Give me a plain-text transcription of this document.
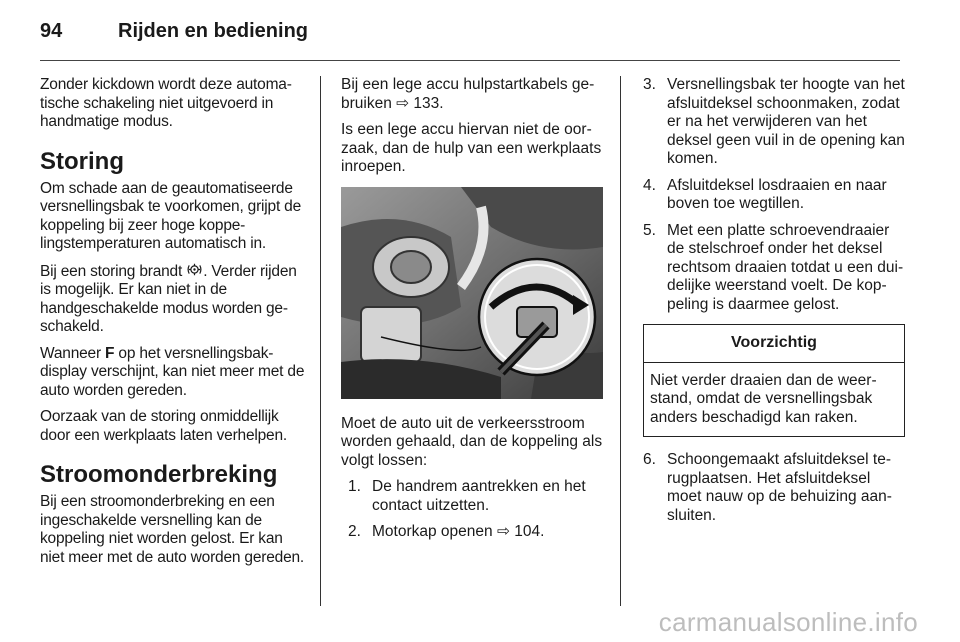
94	Rijden en bediening

Zonder kickdown wordt deze automatische schakeling niet uitgevoerd in handmatige modus.

Storing

Om schade aan de geautomatiseerde versnellingsbak te voorkomen, grijpt de koppeling bij zeer hoge koppelingstemperaturen automatisch in.

Bij een storing brandt . Verder rijden is mogelijk. Er kan niet in de handgeschakelde modus worden geschakeld.

Wanneer F op het versnellingsbakdisplay verschijnt, kan niet meer met de auto worden gereden.

Oorzaak van de storing onmiddellijk door een werkplaats laten verhelpen.

Stroomonderbreking

Bij een stroomonderbreking en een ingeschakelde versnelling kan de koppeling niet worden gelost. Er kan niet meer met de auto worden gereden.

Bij een lege accu hulpstartkabels gebruiken ⇨ 133.

Is een lege accu hiervan niet de oorzaak, dan de hulp van een werkplaats inroepen.

Moet de auto uit de verkeersstroom worden gehaald, dan de koppeling als volgt lossen:

1. De handrem aantrekken en het contact uitzetten.
2. Motorkap openen ⇨ 104.
3. Versnellingsbak ter hoogte van het afsluitdeksel schoonmaken, zodat er na het verwijderen van het deksel geen vuil in de opening kan komen.
4. Afsluitdeksel losdraaien en naar boven toe wegtillen.
5. Met een platte schroevendraaier de stelschroef onder het deksel rechtsom draaien totdat u een duidelijke weerstand voelt. De koppeling is daarmee gelost.
Voorzichtig
Niet verder draaien dan de weerstand, omdat de versnellingsbak anders beschadigd kan raken.
6. Schoongemaakt afsluitdeksel terugplaatsen. Het afsluitdeksel moet nauw op de behuizing aansluiten.
carmanualsonline.info
